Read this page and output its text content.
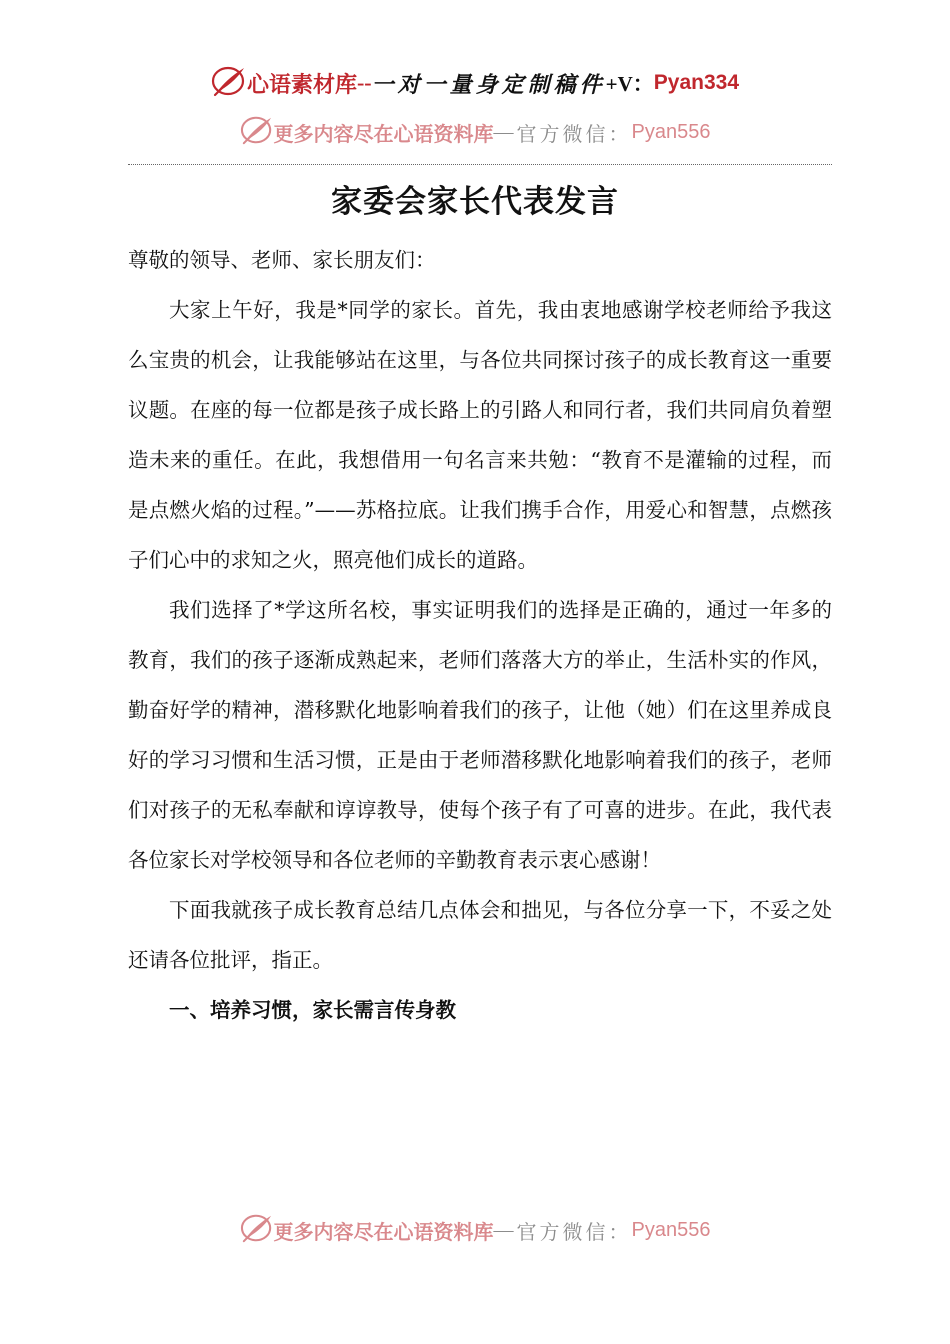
心语素材库 -- 一对一量身定制稿件 +V： Pyan334
更多内容尽在心语资料库 — 官方微信： Pyan556
家委会家长代表发言

尊敬的领导、老师、家长朋友们：

大家上午好，我是*同学的家长。首先，我由衷地感谢学校老师给予我这么宝贵的机会，让我能够站在这里，与各位共同探讨孩子的成长教育这一重要议题。在座的每一位都是孩子成长路上的引路人和同行者，我们共同肩负着塑造未来的重任。在此，我想借用一句名言来共勉：“教育不是灌输的过程，而是点燃火焰的过程。”——苏格拉底。让我们携手合作，用爱心和智慧，点燃孩子们心中的求知之火，照亮他们成长的道路。

我们选择了*学这所名校，事实证明我们的选择是正确的，通过一年多的教育，我们的孩子逐渐成熟起来，老师们落落大方的举止，生活朴实的作风，勤奋好学的精神，潜移默化地影响着我们的孩子，让他（她）们在这里养成良好的学习习惯和生活习惯，正是由于老师潜移默化地影响着我们的孩子，老师们对孩子的无私奉献和谆谆教导，使每个孩子有了可喜的进步。在此，我代表各位家长对学校领导和各位老师的辛勤教育表示衷心感谢！

下面我就孩子成长教育总结几点体会和拙见，与各位分享一下，不妥之处还请各位批评，指正。

一、培养习惯，家长需言传身教

更多内容尽在心语资料库 — 官方微信： Pyan556
